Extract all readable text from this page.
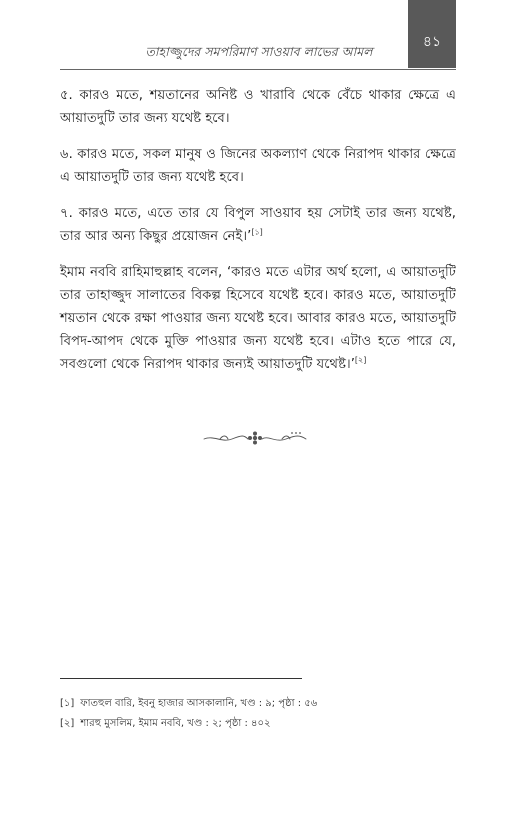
তাহাজ্জুদের সমপরিমাণ সাওয়াব লাভের আমল
৪১

৫. কারও মতে, শয়তানের অনিষ্ট ও খারাবি থেকে বেঁচে থাকার ক্ষেত্রে এ আয়াতদুটি তার জন্য যথেষ্ট হবে।

৬. কারও মতে, সকল মানুষ ও জিনের অকল্যাণ থেকে নিরাপদ থাকার ক্ষেত্রে এ আয়াতদুটি তার জন্য যথেষ্ট হবে।

৭. কারও মতে, এতে তার যে বিপুল সাওয়াব হয় সেটাই তার জন্য যথেষ্ট, তার আর অন্য কিছুর প্রয়োজন নেই।’[১]

ইমাম নববি রাহিমাহুল্লাহ বলেন, ‘কারও মতে এটার অর্থ হলো, এ আয়াতদুটি তার তাহাজ্জুদ সালাতের বিকল্প হিসেবে যথেষ্ট হবে। কারও মতে, আয়াতদুটি শয়তান থেকে রক্ষা পাওয়ার জন্য যথেষ্ট হবে। আবার কারও মতে, আয়াতদুটি বিপদ-আপদ থেকে মুক্তি পাওয়ার জন্য যথেষ্ট হবে। এটাও হতে পারে যে, সবগুলো থেকে নিরাপদ থাকার জন্যই আয়াতদুটি যথেষ্ট।’[২]

[১] ফাতহুল বারি, ইবনু হাজার আসকালানি, খণ্ড : ৯; পৃষ্ঠা : ৫৬
[২] শারহু মুসলিম, ইমাম নববি, খণ্ড : ২; পৃষ্ঠা : ৪০২
